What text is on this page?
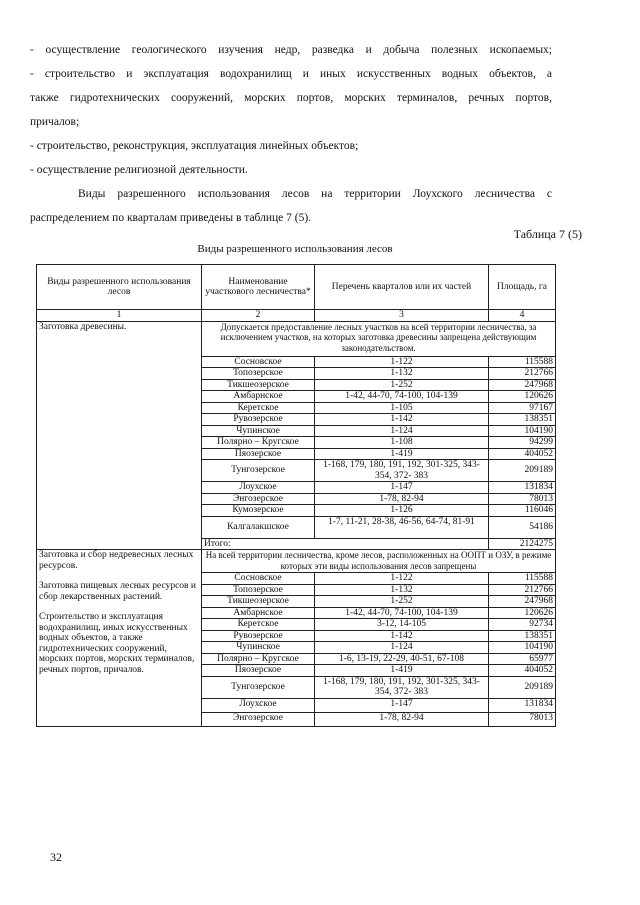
- осуществление геологического изучения недр, разведка и добыча полезных ископаемых;

- строительство и эксплуатация водохранилищ и иных искусственных водных объектов, а

также гидротехнических сооружений, морских портов, морских терминалов, речных портов,

причалов;

- строительство, реконструкция, эксплуатация линейных объектов;

- осуществление религиозной деятельности.

Виды разрешенного использования лесов на территории Лоухского лесничества с

распределением по кварталам приведены в таблице 7 (5).

Таблица 7 (5)
Виды разрешенного использования лесов
Виды разрешенного использования лесов	Наименование участкового лесничества*	Перечень кварталов или их частей	Площадь, га
1	2	3	4
Заготовка древесины.	Допускается предоставление лесных участков на всей территории лесничества, за исключением участков, на которых заготовка древесины запрещена действующим законодательством.		
	Сосновское	1-122	115588
	Топозерское	1-132	212766
	Тикшеозерское	1-252	247968
	Амбарнское	1-42, 44-70, 74-100, 104-139	120626
	Керетское	1-105	97167
	Рувозерское	1-142	138351
	Чупинское	1-124	104190
	Полярно – Кругское	1-108	94299
	Пяозерское	1-419	404052
	Тунгозерское	1-168, 179, 180, 191, 192, 301-325, 343-354, 372- 383	209189
	Лоухское	1-147	131834
	Энгозерское	1-78, 82-94	78013
	Кумозерское	1-126	116046
	Калгалакшское	1-7, 11-21, 28-38, 46-56, 64-74, 81-91	54186
	Итого:		2124275

Заготовка и сбор недревесных лесных ресурсов.
Заготовка пищевых лесных ресурсов и сбор лекарственных растений.
Строительство и эксплуатация водохранилищ, иных искусственных водных объектов, а также гидротехнических сооружений, морских портов, морских терминалов, речных портов, причалов.	На всей территории лесничества, кроме лесов, расположенных на ООПТ и ОЗУ, в режиме которых эти виды использования лесов запрещены		
	Сосновское	1-122	115588
	Топозерское	1-132	212766
	Тикшеозерское	1-252	247968
	Амбарнское	1-42, 44-70, 74-100, 104-139	120626
	Керетское	3-12, 14-105	92734
	Рувозерское	1-142	138351
	Чупинское	1-124	104190
	Полярно – Кругское	1-6, 13-19, 22-29, 40-51, 67-108	65977
	Пяозерское	1-419	404052
	Тунгозерское	1-168, 179, 180, 191, 192, 301-325, 343-354, 372- 383	209189
	Лоухское	1-147	131834
	Энгозерское	1-78, 82-94	78013
32
